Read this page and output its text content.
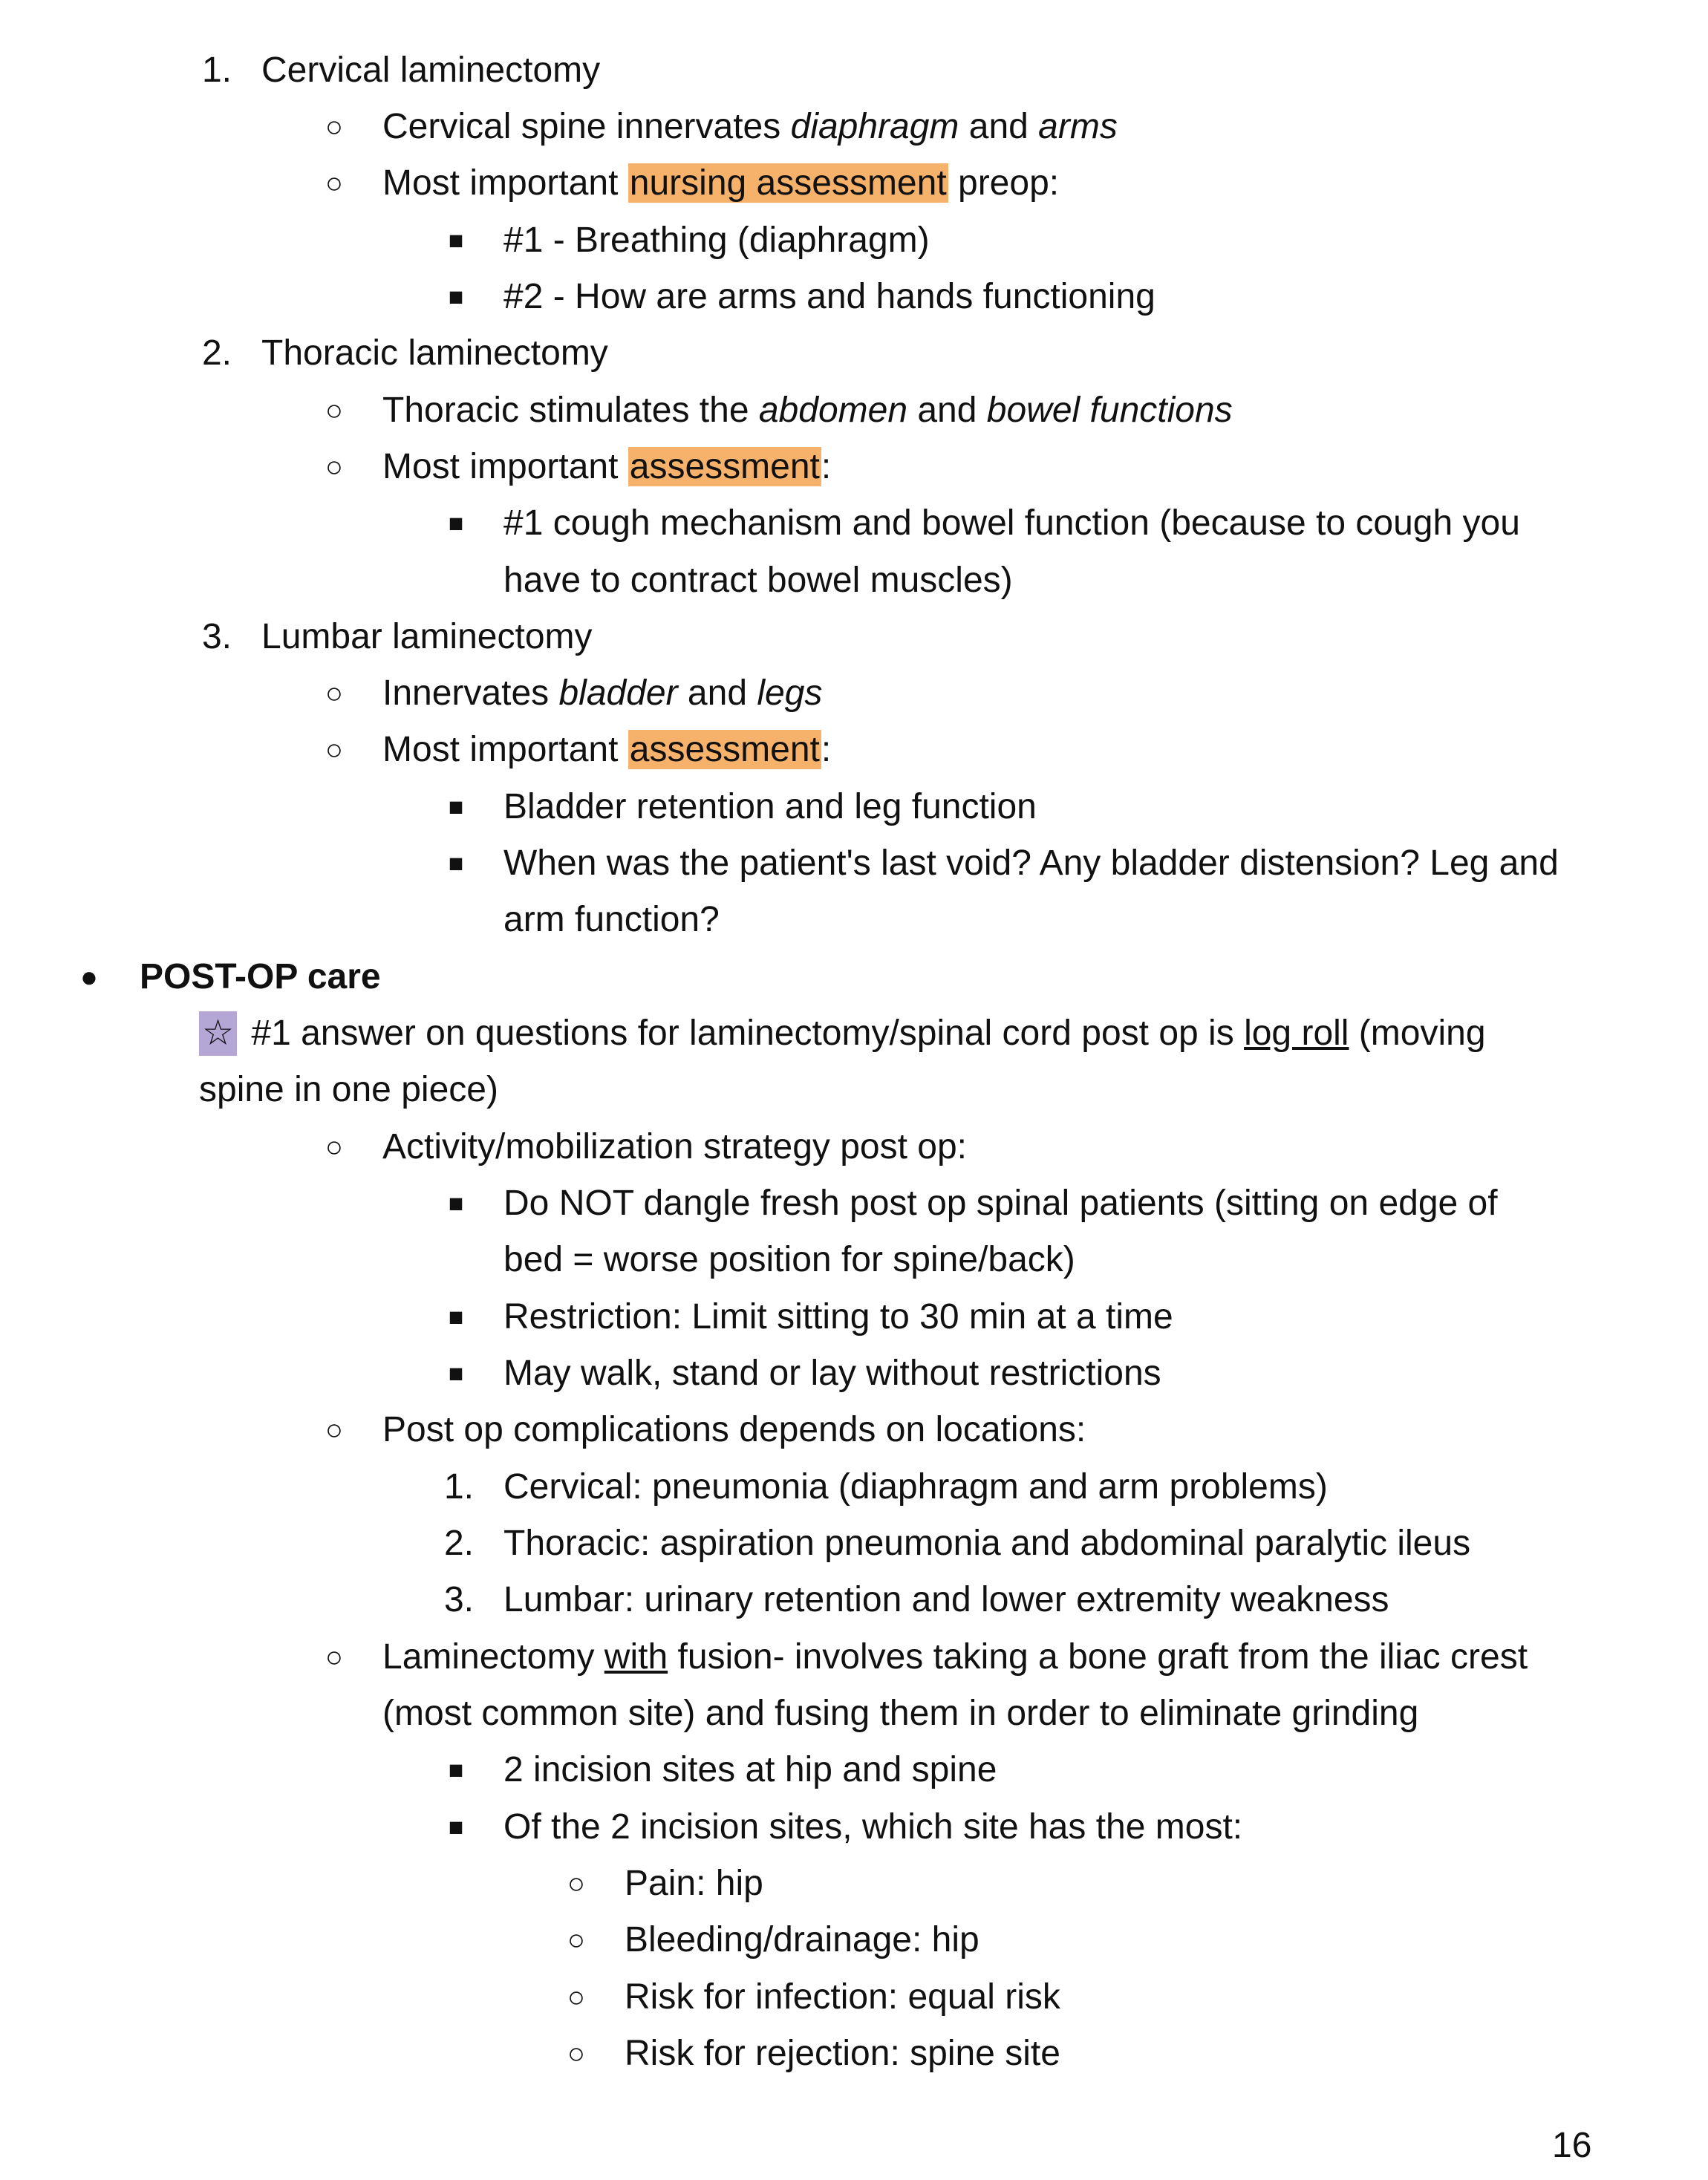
1. Cervical laminectomy
○ Cervical spine innervates diaphragm and arms
○ Most important nursing assessment preop:
■ #1 - Breathing (diaphragm)
■ #2 - How are arms and hands functioning
2. Thoracic laminectomy
○ Thoracic stimulates the abdomen and bowel functions
○ Most important assessment:
■ #1 cough mechanism and bowel function (because to cough you
have to contract bowel muscles)
3. Lumbar laminectomy
○ Innervates bladder and legs
○ Most important assessment:
■ Bladder retention and leg function
■ When was the patient's last void? Any bladder distension? Leg and
arm function?
● POST-OP care
☆ #1 answer on questions for laminectomy/spinal cord post op is log roll (moving
spine in one piece)
○ Activity/mobilization strategy post op:
■ Do NOT dangle fresh post op spinal patients (sitting on edge of
bed = worse position for spine/back)
■ Restriction: Limit sitting to 30 min at a time
■ May walk, stand or lay without restrictions
○ Post op complications depends on locations:
1. Cervical: pneumonia (diaphragm and arm problems)
2. Thoracic: aspiration pneumonia and abdominal paralytic ileus
3. Lumbar: urinary retention and lower extremity weakness
○ Laminectomy with fusion- involves taking a bone graft from the iliac crest
(most common site) and fusing them in order to eliminate grinding
■ 2 incision sites at hip and spine
■ Of the 2 incision sites, which site has the most:
○ Pain: hip
○ Bleeding/drainage: hip
○ Risk for infection: equal risk
○ Risk for rejection: spine site
16
